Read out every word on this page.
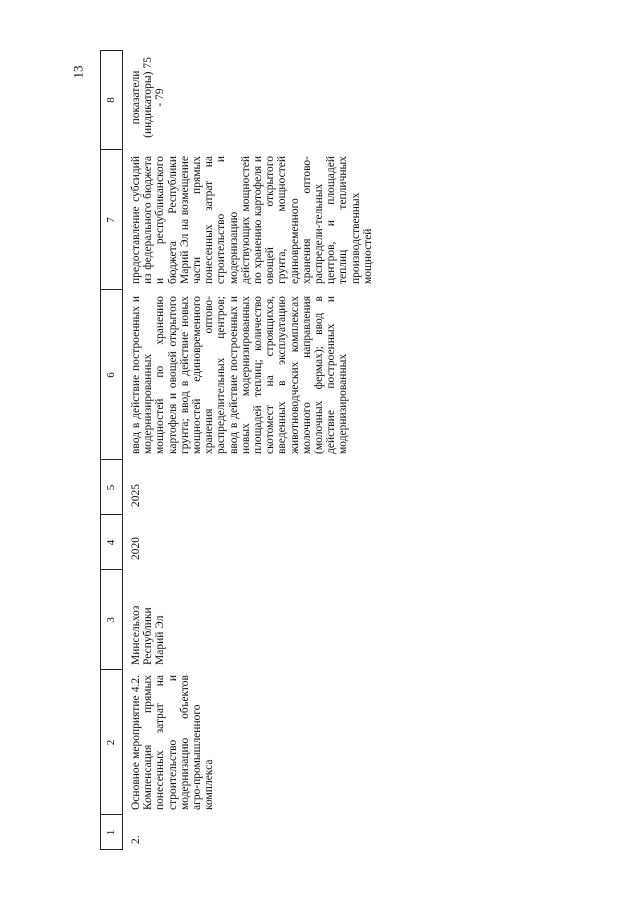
13
1
2
3
4
5
6
7
8
2.
Основное мероприятие 4.2. Компенсация прямых понесенных затрат на строительство и модернизацию объектов агро-промышленного комплекса
Минсельхоз Республики Марий Эл
2020
2025
ввод в действие построенных и модернизированных мощностей по хранению картофеля и овощей открытого грунта; ввод в действие новых мощностей единовременного хранения оптово-распределительных центров; ввод в действие построенных и новых модернизированных площадей теплиц; количество скотомест на строящихся, введенных в эксплуатацию животноводческих комплексах молочного направления (молочных фермах); ввод в действие построенных и модернизированных
предоставление субсидий из федерального бюджета и республиканского бюджета Республики Марий Эл на возмещение части прямых понесенных затрат на строительство и модернизацию действующих мощностей по хранению картофеля и овощей открытого грунта, мощностей единовременного хранения оптово-распредели-тельных центров, и площадей теплиц тепличных производственных мощностей
показатели (индикаторы) 75 - 79
